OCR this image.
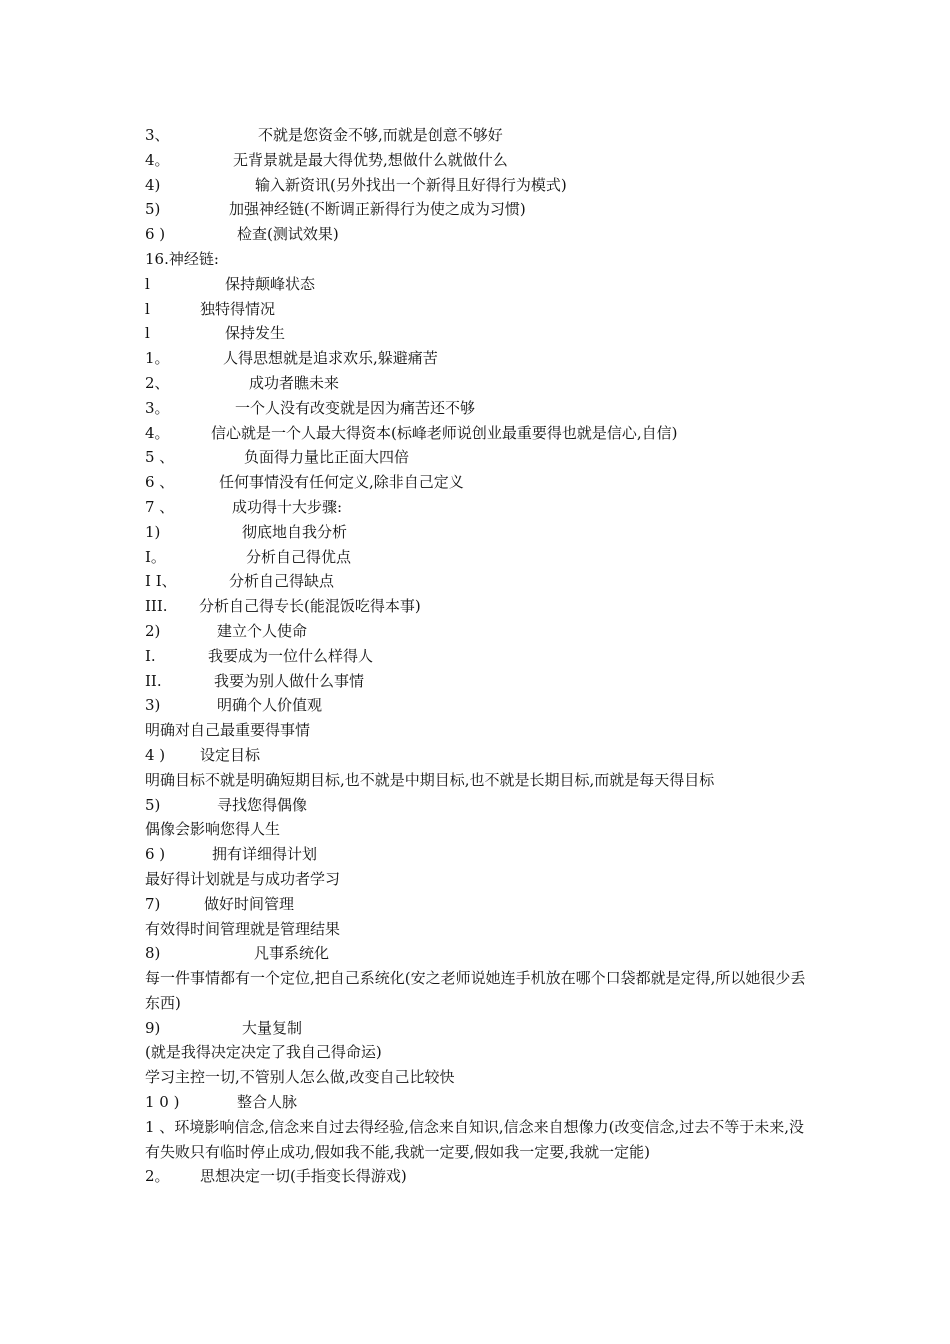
3、	不就是您资金不够,而就是创意不够好
4。	无背景就是最大得优势,想做什么就做什么
4)	输入新资讯(另外找出一个新得且好得行为模式)
5)	加强神经链(不断调正新得行为使之成为习惯)
6 )	检查(测试效果)
16.神经链:
l	保持颠峰状态
l	独特得情况
l	保持发生
1。	人得思想就是追求欢乐,躲避痛苦
2、	成功者瞧未来
3。	一个人没有改变就是因为痛苦还不够
4。	信心就是一个人最大得资本(标峰老师说创业最重要得也就是信心,自信)
5 、	负面得力量比正面大四倍
6 、	任何事情没有任何定义,除非自己定义
7 、	成功得十大步骤:
1)	彻底地自我分析
I。	分析自己得优点
I I、	分析自己得缺点
III.	分析自己得专长(能混饭吃得本事)
2)	建立个人使命
I.	我要成为一位什么样得人
II.	我要为别人做什么事情
3)	明确个人价值观
明确对自己最重要得事情
4 )	设定目标
明确目标不就是明确短期目标,也不就是中期目标,也不就是长期目标,而就是每天得目标
5)	寻找您得偶像
偶像会影响您得人生
6 )	拥有详细得计划
最好得计划就是与成功者学习
7)	做好时间管理
有效得时间管理就是管理结果
8)	凡事系统化
每一件事情都有一个定位,把自己系统化(安之老师说她连手机放在哪个口袋都就是定得,所以她很少丢东西)
9)	大量复制
(就是我得决定决定了我自己得命运)
学习主控一切,不管别人怎么做,改变自己比较快
1 0 )	整合人脉
1 、环境影响信念,信念来自过去得经验,信念来自知识,信念来自想像力(改变信念,过去不等于未来,没有失败只有临时停止成功,假如我不能,我就一定要,假如我一定要,我就一定能)
2。	思想决定一切(手指变长得游戏)
